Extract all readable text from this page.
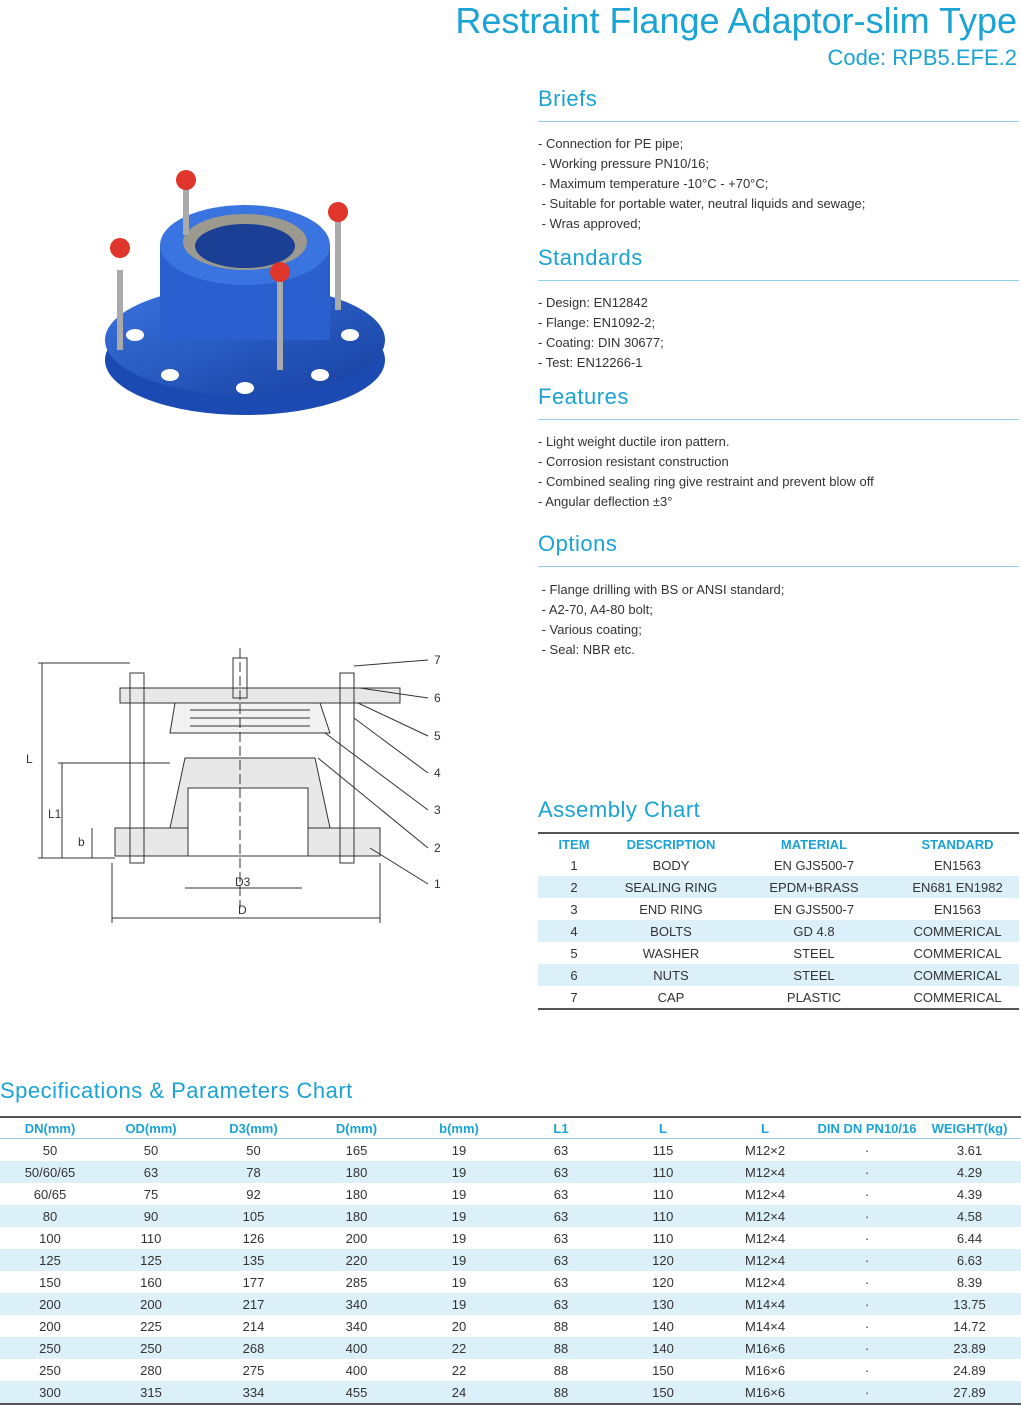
Restraint Flange Adaptor-slim Type
Code: RPB5.EFE.2
L
L1
b
D3
D
7
6
5
4
3
2
1
Briefs
- Connection for PE pipe;
- Working pressure PN10/16;
- Maximum temperature -10°C - +70°C;
- Suitable for portable water, neutral liquids and sewage;
- Wras approved;
Standards
- Design: EN12842
- Flange: EN1092-2;
- Coating: DIN 30677;
- Test: EN12266-1
Features
- Light weight ductile iron pattern.
- Corrosion resistant construction
- Combined sealing ring give restraint and prevent blow off
- Angular deflection ±3°
Options
- Flange drilling with BS or ANSI standard;
- A2-70, A4-80 bolt;
- Various coating;
- Seal: NBR etc.
Assembly Chart
ITEM	DESCRIPTION	MATERIAL	STANDARD
1	BODY	EN GJS500-7	EN1563
2	SEALING RING	EPDM+BRASS	EN681 EN1982
3	END RING	EN GJS500-7	EN1563
4	BOLTS	GD 4.8	COMMERICAL
5	WASHER	STEEL	COMMERICAL
6	NUTS	STEEL	COMMERICAL
7	CAP	PLASTIC	COMMERICAL
Specifications & Parameters Chart
DN(mm)	OD(mm)	D3(mm)	D(mm)	b(mm)	L1	L	L	DIN DN PN10/16	WEIGHT(kg)
50	50	50	165	19	63	115	M12×2	·	3.61
50/60/65	63	78	180	19	63	110	M12×4	·	4.29
60/65	75	92	180	19	63	110	M12×4	·	4.39
80	90	105	180	19	63	110	M12×4	·	4.58
100	110	126	200	19	63	110	M12×4	·	6.44
125	125	135	220	19	63	120	M12×4	·	6.63
150	160	177	285	19	63	120	M12×4	·	8.39
200	200	217	340	19	63	130	M14×4	·	13.75
200	225	214	340	20	88	140	M14×4	·	14.72
250	250	268	400	22	88	140	M16×6	·	23.89
250	280	275	400	22	88	150	M16×6	·	24.89
300	315	334	455	24	88	150	M16×6	·	27.89
